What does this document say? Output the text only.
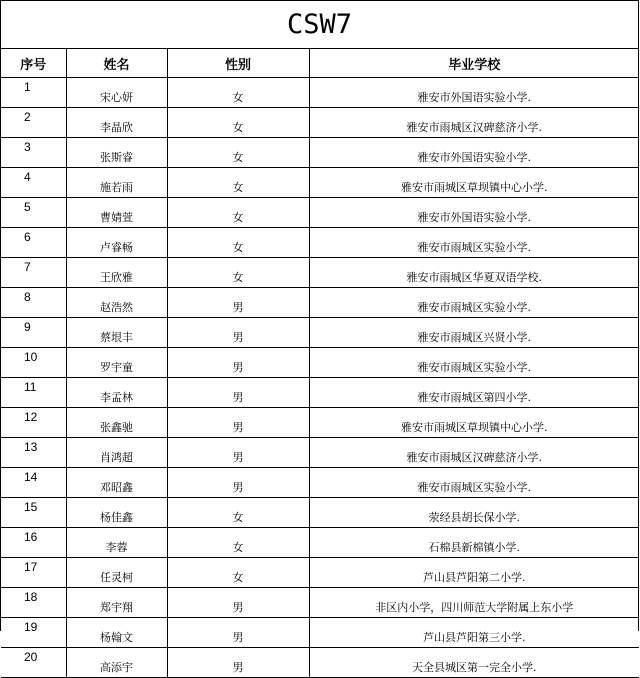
CSW7
序号	姓名	性别	毕业学校
1	宋心妍	女	雅安市外国语实验小学.
2	李晶欣	女	雅安市雨城区汉碑慈济小学.
3	张斯睿	女	雅安市外国语实验小学.
4	施若雨	女	雅安市雨城区草坝镇中心小学.
5	曹婧萱	女	雅安市外国语实验小学.
6	卢睿畅	女	雅安市雨城区实验小学.
7	王欣雅	女	雅安市雨城区华夏双语学校.
8	赵浩然	男	雅安市雨城区实验小学.
9	蔡垠丰	男	雅安市雨城区兴贤小学.
10	罗宇童	男	雅安市雨城区实验小学.
11	李孟林	男	雅安市雨城区第四小学.
12	张鑫驰	男	雅安市雨城区草坝镇中心小学.
13	肖鸿超	男	雅安市雨城区汉碑慈济小学.
14	邓昭鑫	男	雅安市雨城区实验小学.
15	杨佳鑫	女	荥经县胡长保小学.
16	李蓉	女	石棉县新棉镇小学.
17	任灵柯	女	芦山县芦阳第二小学.
18	郑宇翔	男	非区内小学，四川师范大学附属上东小学
19	杨翰文	男	芦山县芦阳第三小学.
20	高添宇	男	天全县城区第一完全小学.
